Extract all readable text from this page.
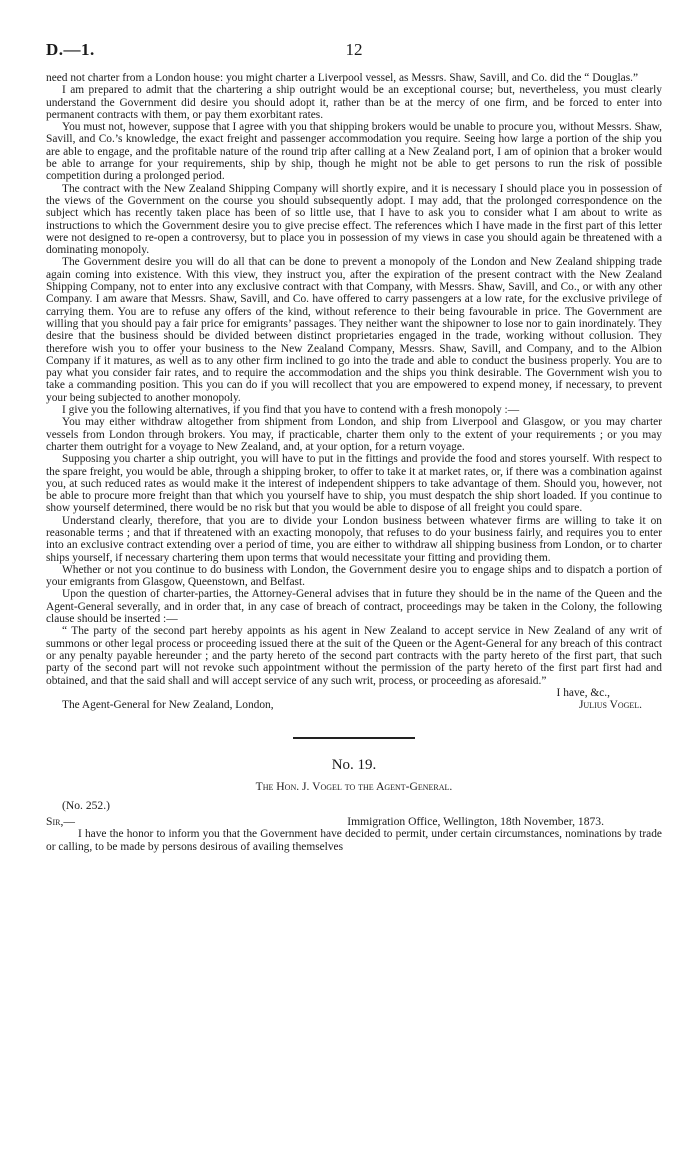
D.—1.	12

need not charter from a London house: you might charter a Liverpool vessel, as Messrs. Shaw, Savill, and Co. did the “ Douglas.”

I am prepared to admit that the chartering a ship outright would be an exceptional course; but, nevertheless, you must clearly understand the Government did desire you should adopt it, rather than be at the mercy of one firm, and be forced to enter into permanent contracts with them, or pay them exorbitant rates.

You must not, however, suppose that I agree with you that shipping brokers would be unable to procure you, without Messrs. Shaw, Savill, and Co.’s knowledge, the exact freight and passenger accommodation you require. Seeing how large a portion of the ship you are able to engage, and the profitable nature of the round trip after calling at a New Zealand port, I am of opinion that a broker would be able to arrange for your requirements, ship by ship, though he might not be able to get persons to run the risk of possible competition during a prolonged period.

The contract with the New Zealand Shipping Company will shortly expire, and it is necessary I should place you in possession of the views of the Government on the course you should subsequently adopt. I may add, that the prolonged correspondence on the subject which has recently taken place has been of so little use, that I have to ask you to consider what I am about to write as instructions to which the Government desire you to give precise effect. The references which I have made in the first part of this letter were not designed to re-open a controversy, but to place you in possession of my views in case you should again be threatened with a dominating monopoly.

The Government desire you will do all that can be done to prevent a monopoly of the London and New Zealand shipping trade again coming into existence. With this view, they instruct you, after the expiration of the present contract with the New Zealand Shipping Company, not to enter into any exclusive contract with that Company, with Messrs. Shaw, Savill, and Co., or with any other Company. I am aware that Messrs. Shaw, Savill, and Co. have offered to carry passengers at a low rate, for the exclusive privilege of carrying them. You are to refuse any offers of the kind, without reference to their being favourable in price. The Government are willing that you should pay a fair price for emigrants’ passages. They neither want the shipowner to lose nor to gain inordinately. They desire that the business should be divided between distinct proprietaries engaged in the trade, working without collusion. They therefore wish you to offer your business to the New Zealand Company, Messrs. Shaw, Savill, and Company, and to the Albion Company if it matures, as well as to any other firm inclined to go into the trade and able to conduct the business properly. You are to pay what you consider fair rates, and to require the accommodation and the ships you think desirable. The Government wish you to take a commanding position. This you can do if you will recollect that you are empowered to expend money, if necessary, to prevent your being subjected to another monopoly.

I give you the following alternatives, if you find that you have to contend with a fresh monopoly :—

You may either withdraw altogether from shipment from London, and ship from Liverpool and Glasgow, or you may charter vessels from London through brokers. You may, if practicable, charter them only to the extent of your requirements ; or you may charter them outright for a voyage to New Zealand, and, at your option, for a return voyage.

Supposing you charter a ship outright, you will have to put in the fittings and provide the food and stores yourself. With respect to the spare freight, you would be able, through a shipping broker, to offer to take it at market rates, or, if there was a combination against you, at such reduced rates as would make it the interest of independent shippers to take advantage of them. Should you, however, not be able to procure more freight than that which you yourself have to ship, you must despatch the ship short loaded. If you continue to show yourself determined, there would be no risk but that you would be able to dispose of all freight you could spare.

Understand clearly, therefore, that you are to divide your London business between whatever firms are willing to take it on reasonable terms ; and that if threatened with an exacting monopoly, that refuses to do your business fairly, and requires you to enter into an exclusive contract extending over a period of time, you are either to withdraw all shipping business from London, or to charter ships yourself, if necessary chartering them upon terms that would necessitate your fitting and providing them.

Whether or not you continue to do business with London, the Government desire you to engage ships and to dispatch a portion of your emigrants from Glasgow, Queenstown, and Belfast.

Upon the question of charter-parties, the Attorney-General advises that in future they should be in the name of the Queen and the Agent-General severally, and in order that, in any case of breach of contract, proceedings may be taken in the Colony, the following clause should be inserted :—

“ The party of the second part hereby appoints as his agent in New Zealand to accept service in New Zealand of any writ of summons or other legal process or proceeding issued there at the suit of the Queen or the Agent-General for any breach of this contract or any penalty payable hereunder ; and the party hereto of the second part contracts with the party hereto of the first part, that such party of the second part will not revoke such appointment without the permission of the party hereto of the first part first had and obtained, and that the said shall and will accept service of any such writ, process, or proceeding as aforesaid.”

I have, &c.,
The Agent-General for New Zealand, London,	Julius Vogel.
No. 19.
The Hon. J. Vogel to the Agent-General.
(No. 252.)
Sir,—	Immigration Office, Wellington, 18th November, 1873.

I have the honor to inform you that the Government have decided to permit, under certain circumstances, nominations by trade or calling, to be made by persons desirous of availing themselves
